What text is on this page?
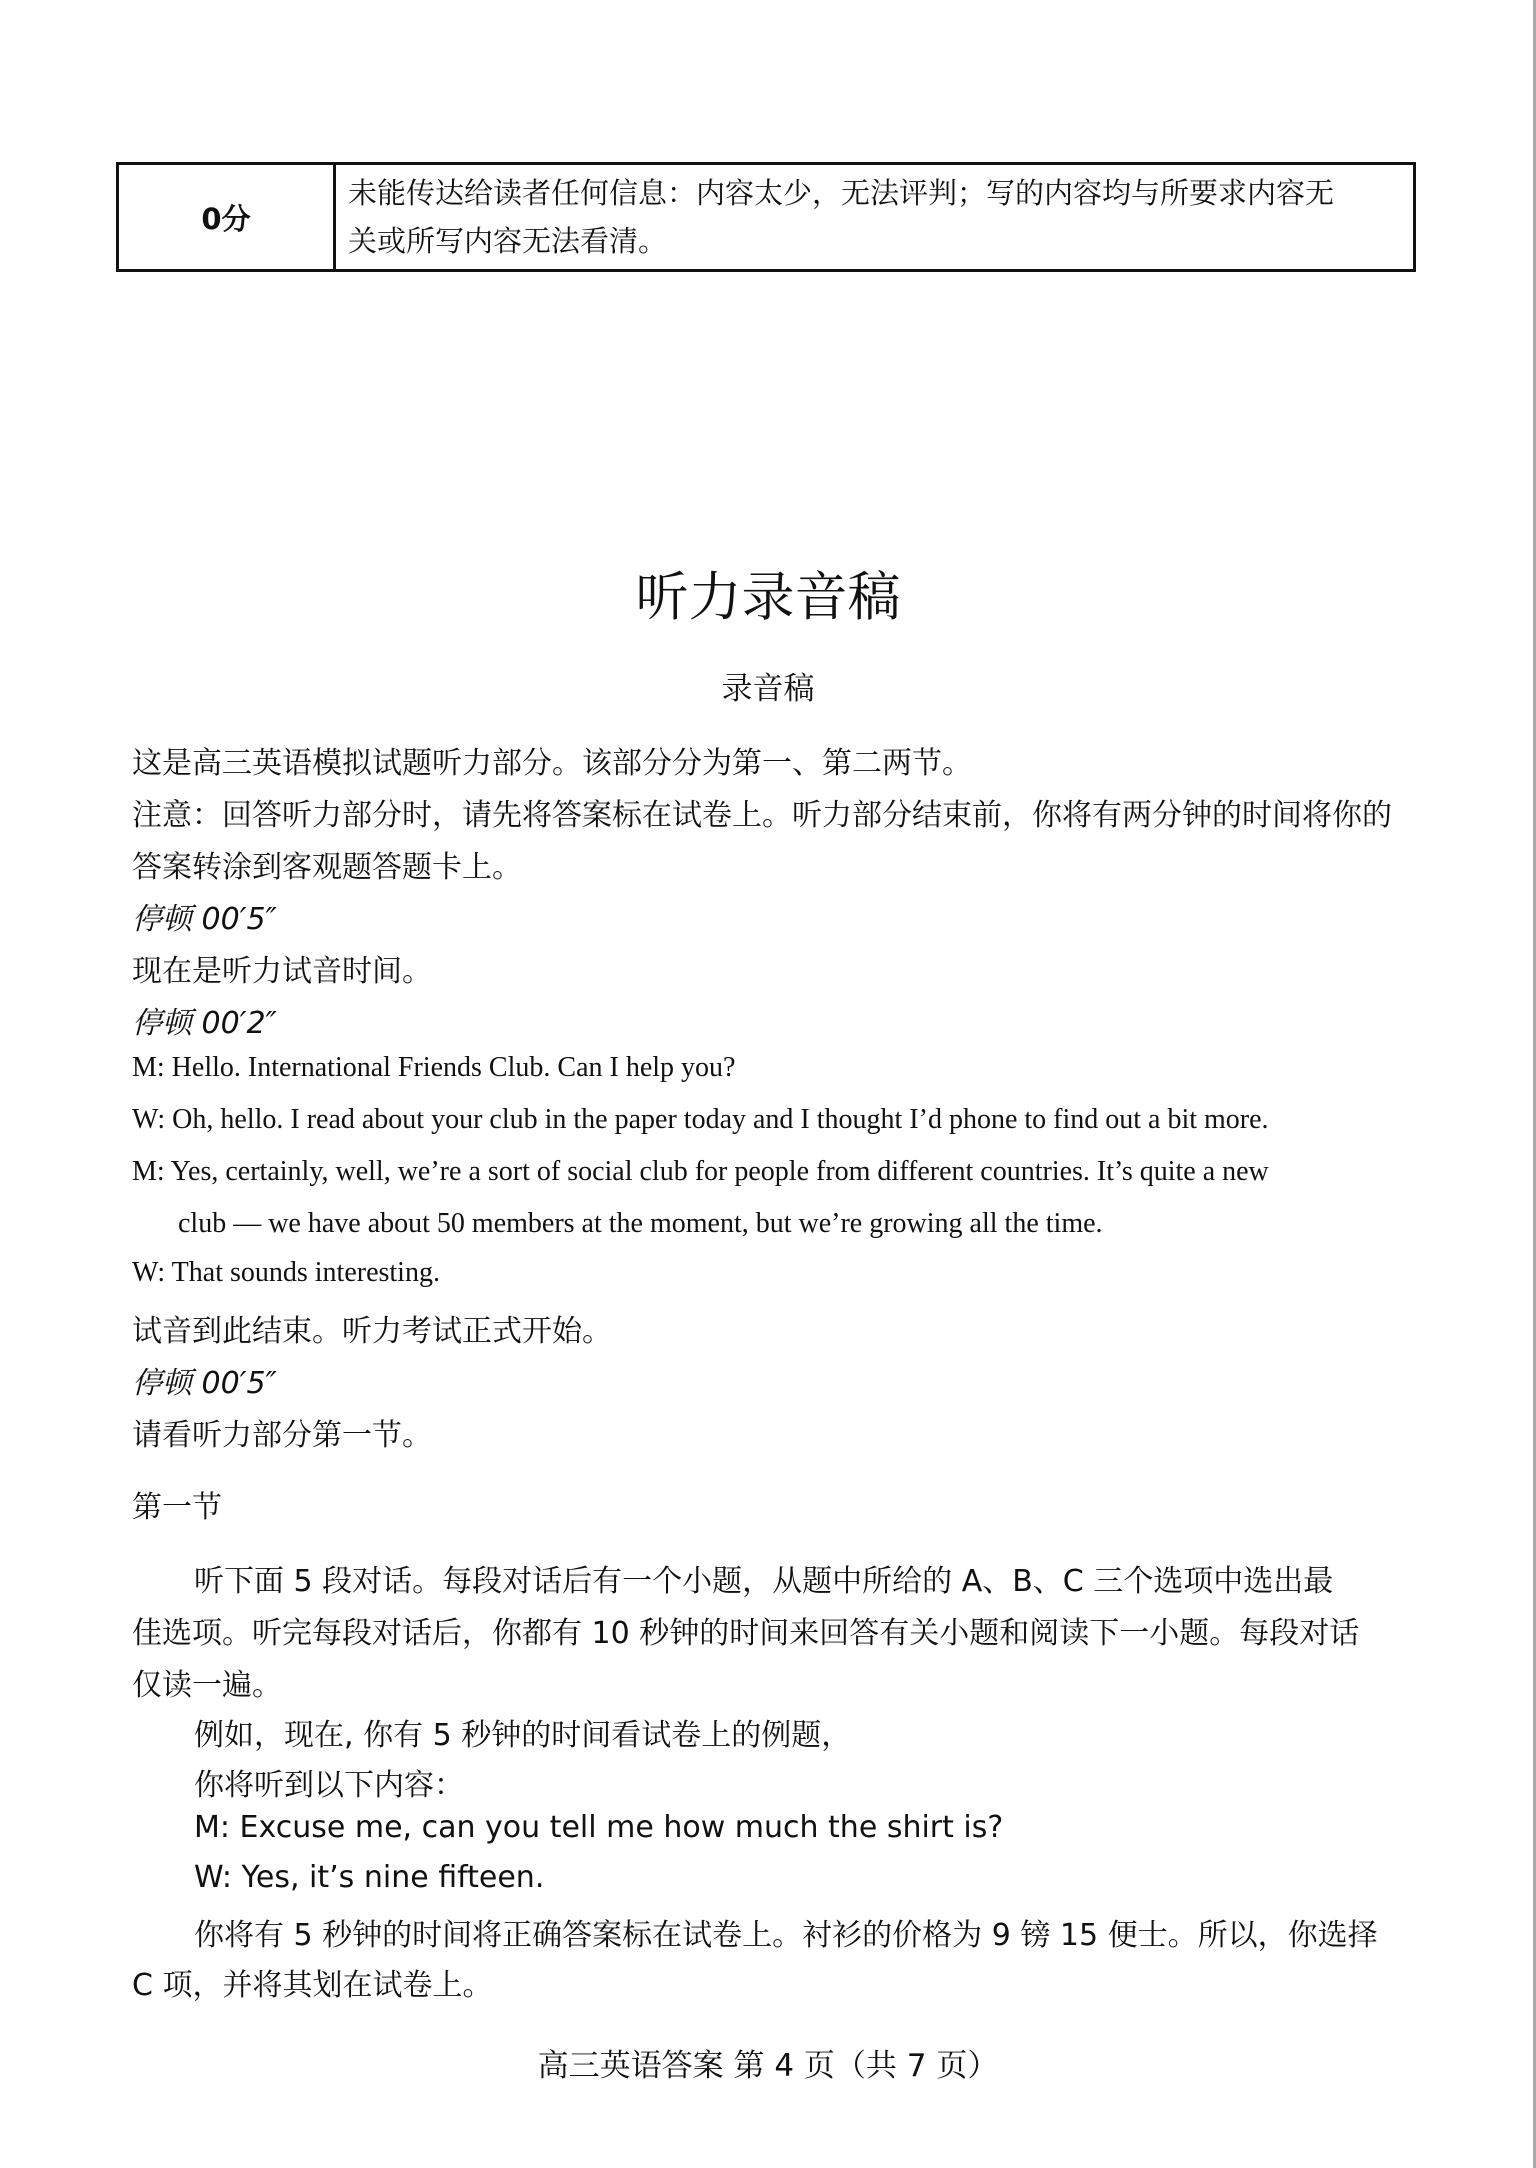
0分	
未能传达给读者任何信息：内容太少，无法评判；写的内容均与所要求内容无
关或所写内容无法看清。
听力录音稿
录音稿
这是高三英语模拟试题听力部分。该部分分为第一、第二两节。
注意：回答听力部分时，请先将答案标在试卷上。听力部分结束前，你将有两分钟的时间将你的
答案转涂到客观题答题卡上。
停顿 00′5″
现在是听力试音时间。
停顿 00′2″
M: Hello. International Friends Club. Can I help you?
W: Oh, hello. I read about your club in the paper today and I thought I’d phone to find out a bit more.
M: Yes, certainly, well, we’re a sort of social club for people from different countries. It’s quite a new
club — we have about 50 members at the moment, but we’re growing all the time.
W: That sounds interesting.
试音到此结束。听力考试正式开始。
停顿 00′5″
请看听力部分第一节。
第一节
听下面 5 段对话。每段对话后有一个小题，从题中所给的 A、B、C 三个选项中选出最
佳选项。听完每段对话后，你都有 10 秒钟的时间来回答有关小题和阅读下一小题。每段对话
仅读一遍。
例如，现在, 你有 5 秒钟的时间看试卷上的例题，
你将听到以下内容：
M: Excuse me, can you tell me how much the shirt is?
W: Yes, it’s nine fifteen.
你将有 5 秒钟的时间将正确答案标在试卷上。衬衫的价格为 9 镑 15 便士。所以，你选择
C 项，并将其划在试卷上。
高三英语答案 第 4 页（共 7 页）
